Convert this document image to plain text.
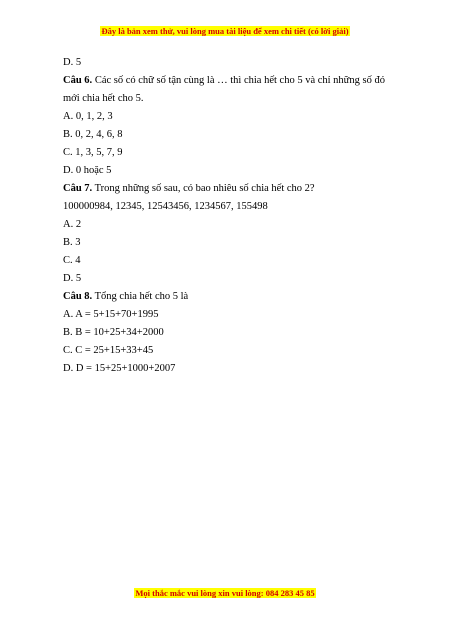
Đây là bản xem thử, vui lòng mua tài liệu để xem chi tiết (có lời giải)
D. 5
Câu 6. Các số có chữ số tận cùng là … thì chia hết cho 5 và chỉ những số đó mới chia hết cho 5.
A. 0, 1, 2, 3
B. 0, 2, 4, 6, 8
C. 1, 3, 5, 7, 9
D. 0 hoặc 5
Câu 7. Trong những số sau, có bao nhiêu số chia hết cho 2?
100000984, 12345, 12543456, 1234567, 155498
A. 2
B. 3
C. 4
D. 5
Câu 8. Tổng chia hết cho 5 là
A. A = 5+15+70+1995
B. B = 10+25+34+2000
C. C = 25+15+33+45
D. D = 15+25+1000+2007
Mọi thắc mắc vui lòng xin vui lòng: 084 283 45 85
